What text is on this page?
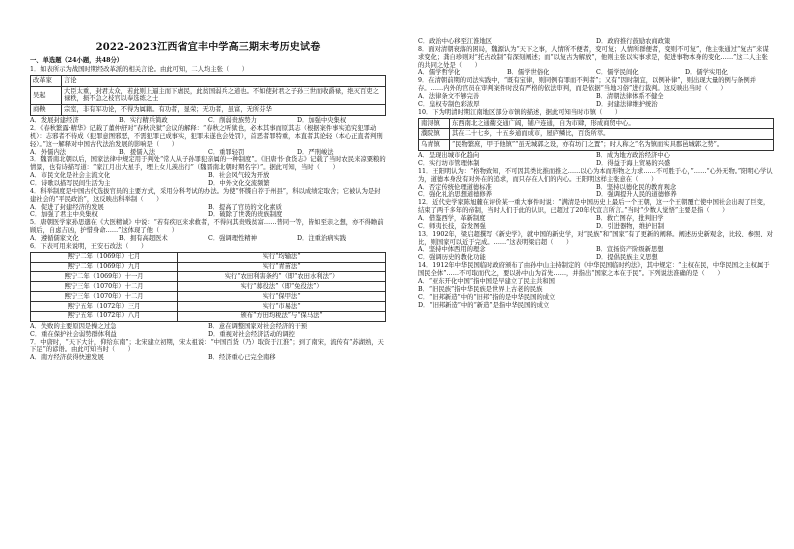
2022-2023江西省宜丰中学高三期末考历史试卷

一、单选题（24小题，共48分）

1．如表所示为战国时期经改革派的相关言论。由此可知，二人均主张（　　）

改革家	言论
吴起	大臣太重，封君太众，若此则上逼主而下虐民，此贫国弱兵之道也。不如使封君之子孙三世而收爵禄，绝灭百吏之禄秩，损不急之枝官以奉选练之士
商鞅	宗室，非有军功论，不得为属籍。有功者，显荣；无功者，虽富，无所芬华
A．发展封建经济	B．实行精兵简政	C．削弱贵族势力	D．加强中央集权

2．《春秋繁露·精华》记载了董仲舒对“春秋决狱”会议的解释：“春秋之听狱也，必本其事而原其志（根据案件事实追究犯罪动机）：志邪者不待成（犯罪意图邪恶，不需犯罪已成事实，犯罪未遂也会处罚），首恶者罪特重，本直者其论轻（本心正直者判刑轻）。”这一解释对中国古代法治发展的影响是（　　）

A．外儒内法	B．援儒入法	C．重罪轻罚	D．严刑峻法

3．魏晋南北朝以后，国家法律中规定用于判处“常人从子孙罪犯亲属的一种制度”。《旧唐书·食货志》记载了当时农民来凉粟粮的情景，也有诗描写道：“家江月出大星手，埋上女儿羡出行”（魏晋南北朝时期名字）”。据此可知，当时（　　）

A．市民文化是社会主流文化	B．社会风气较为开放
C．诗歌以描写民间生活为主	D．中外文化交流频繁

4．科举制度是中国古代选拔官员的主要方式，采用分科考试的办法。为使“怀牒自荐于州县”，科以成绩定取舍；它被认为是封建社会的“平民政治”，这反映出科举制（　　）

A．促进了封建经济的发展	B．提高了官员的文化素质
C．加强了君主中央集权	D．破除了世袭的贵族制度

5．唐朝医学家孙思邈在《大医精诚》中说：“若有疾厄来求救者，不得问其贵贱贫富……普同一等，皆如至亲之想，亦不得瞻前顾后，自虑吉凶，护惜身命……”这体现了他（　　）

A．遵循儒家文化	B．拥有高超医术	C．强调理性精神	D．注重治病实践

6．下表可用来说明，王安石改法（　　）

熙宁二年（1069年）七月	实行“均输法”
熙宁二年（1069年）九月	实行“青苗法”
熙宁二年（1069年）十一月	实行“农田利害条约”（即“农田水利法”）
熙宁三年（1070年）十二月	实行“募役法”（即“免役法”）
熙宁三年（1070年）十二月	实行“保甲法”
熙宁五年（1072年）三月	实行“市易法”
熙宁五年（1072年）八月	颁布“方田均税法”与“保马法”
A．失败的主要原因是操之过急	B．意在调整国家对社会经济的干预
C．重在保护社会弱势群体利益	D．重视对社会经济活动的调控

7．中唐时，“天下大计，仰给东南”；北宋建立初期，宋太祖说：“中国百货（乃）取资于江淮”；到了南宋，流传有“苏湖熟，天下足”的谚语。由此可知当时（　　）

A．南方经济获得快速发展	B．经济重心已完全南移
C．政治中心移至江淮地区	D．政府推行鼓励农商政策

8．面对清朝衰落的困局，魏源认为“天下之事，人情所不便者，变可复；人情所群便者，变则不可复”，他主张通过“复古”来谋求变化；龚自珍则对“托古改制”有深刻阐述；而“以复古为解放”，他则主张以实事求是，促进事物本身的变化……”这二人主张的共同之处是（　　）

A．儒学哲学化	B．儒学世俗化	C．儒学民间化	D．儒学实用化

9．在清朝前期的司法实践中，“既有宝律，则同例有罪而不判者”；又有“因时制宜，以例补律”，则出现大量的例与条例并存。……内外的官员在审判案件时没有严格的依法审判，而是依据“当地习俗”进行裁判。这反映出当时（　　）

A．法律条文不够完善	B．清朝法律体系不健全
C．皇权专制色彩浓厚	D．封建法律维护统治

10．下为明清时期江南地区部分市镇的描述，据此可知当时市镇（　　）

南浔镇	东西南北之通衢交通广阔，铺户连通，自为市肆，形成商贸中心。
濮院镇	其在二十七乡，十五乡通而成市，屋庐鳞比，百货所萃。
乌青镇	“民物繁庶，甲于他镇”“虽无城郭之设，亦有坊门之置”；时人称之“名为镇而实具郡邑城郭之势”。
A．呈现出城市化趋向	B．成为地方政治经济中心
C．实行坊市管理体制	D．得益于海上贸易的兴盛

11．王阳明认为：“格物致知，不可因其类比推而推之……以心为本而形物之力求……不可胜于心，”……“心外无物。”阳明心学认为，道德本身没有对外在的追求，而只存在人们的内心。王阳明这样主张意在（　　）

A．否定传统伦理道德标准	B．坚持以德化民的教育观念
C．强化礼治思想道德修养	D．强调提升人民的道德修养

12．近代史学家陈旭麓在评价某一重大事件时说：“满清是中国历史上最后一个王朝，这一个王朝覆亡使中国社会出现了巨变，结束了两千多年的帝制，当时人们于此的认识，已超过了20年代宣言所言。”当时“少数人觉悟”主要是指（　　）

A．借鉴西学，革新制度	B．救亡图存，批判旧学
C．师夷长技，奋发图强	D．引进器物，维护旧制

13．1902年，梁启超撰写《新史学》，就中国的新史学，对“民族”和“国家”有了更新的阐释。阐述历史新观念，比较、参照、对比，则国家可以近于完成。……”这表明梁启超（　　）

A．坚持中体西用的理念	B．宣扬资产阶级新思想
C．强调历史的教化功能	D．提倡民族主义思想

14．1912年中华民国临时政府颁布了由孙中山主持制定的《中华民国临时约法》，其中规定：“主权在民，中华民国之主权属于国民全体”……不可取而代之，要以孙中山为首先……，并指出“国家之本在于民”。下列说法准确的是（　　）

A．“亚东开化中国”指中国是早建立了民主共和国

B．“旧民族”指中华民族是世界上古老的民族

C．“旧邦新造”中的“旧邦”指的是中华民国的成立

D．“旧邦新造”中的“新造”是指中华民国的成立
